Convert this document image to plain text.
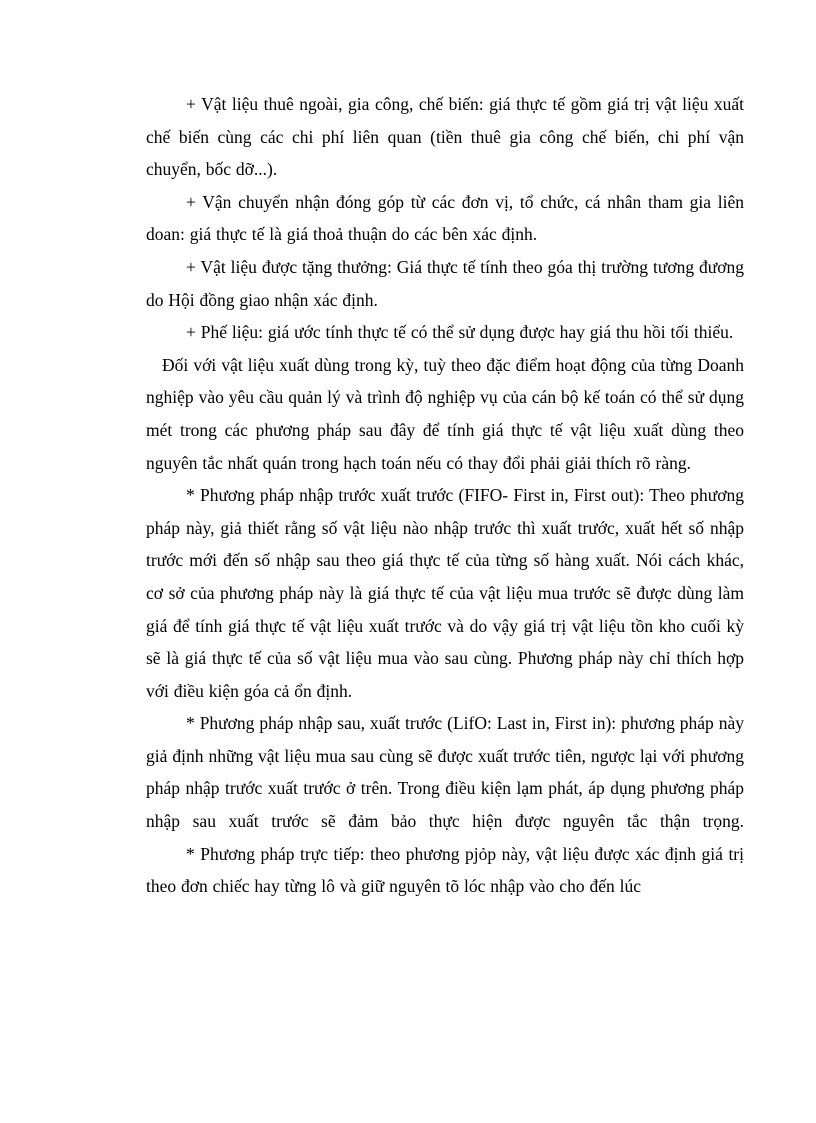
+ Vật liệu thuê ngoài, gia công, chế biến: giá thực tế gồm giá trị vật liệu xuất chế biến cùng các chi phí liên quan (tiền thuê gia công chế biến, chi phí vận chuyển, bốc dỡ...).

+ Vận chuyển nhận đóng góp từ các đơn vị, tổ chức, cá nhân tham gia liên doan: giá thực tế là giá thoả thuận do các bên xác định.

+ Vật liệu được tặng thưởng: Giá thực tế tính theo góa thị trường tương đương do Hội đồng giao nhận xác định.

+ Phế liệu: giá ước tính thực tế có thể sử dụng được hay giá thu hồi tối thiểu.

Đối với vật liệu xuất dùng trong kỳ, tuỳ theo đặc điểm hoạt động của từng Doanh nghiệp vào yêu cầu quản lý và trình độ nghiệp vụ của cán bộ kế toán có thể sử dụng mét trong các phương pháp sau đây để tính giá thực tế vật liệu xuất dùng theo nguyên tắc nhất quán trong hạch toán nếu có thay đổi phải giải thích rõ ràng.

* Phương pháp nhập trước xuất trước (FIFO- First in, First out): Theo phương pháp này, giả thiết rằng số vật liệu nào nhập trước thì xuất trước, xuất hết số nhập trước mới đến số nhập sau theo giá thực tế của từng số hàng xuất. Nói cách khác, cơ sở của phương pháp này là giá thực tế của vật liệu mua trước sẽ được dùng làm giá để tính giá thực tế vật liệu xuất trước và do vậy giá trị vật liệu tồn kho cuối kỳ sẽ là giá thực tế của số vật liệu mua vào sau cùng. Phương pháp này chỉ thích hợp với điều kiện góa cả ổn định.

* Phương pháp nhập sau, xuất trước (LifO: Last in, First in): phương pháp này giả định những vật liệu mua sau cùng sẽ được xuất trước tiên, ngược lại với phương pháp nhập trước xuất trước ở trên. Trong điều kiện lạm phát, áp dụng phương pháp nhập sau xuất trước sẽ đảm bảo thực hiện được nguyên tắc thận trọng.

* Phương pháp trực tiếp: theo phương pjỏp này, vật liệu được xác định giá trị theo đơn chiếc hay từng lô và giữ nguyên tõ lóc nhập vào cho đến lúc
